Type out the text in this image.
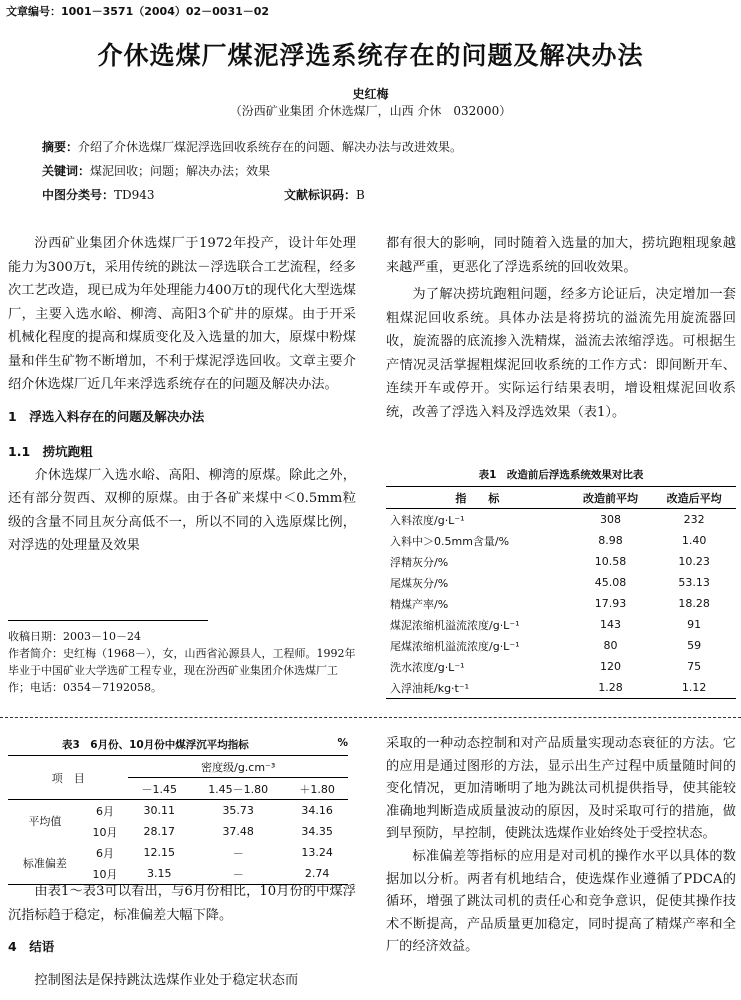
文章编号：1001－3571（2004）02－0031－02
介休选煤厂煤泥浮选系统存在的问题及解决办法
史红梅
（汾西矿业集团 介休选煤厂，山西 介休　032000）
摘要：介绍了介休选煤厂煤泥浮选回收系统存在的问题、解决办法与改进效果。
关键词：煤泥回收；问题；解决办法；效果
中图分类号：TD943	文献标识码：B

汾西矿业集团介休选煤厂于1972年投产，设计年处理能力为300万t，采用传统的跳汰－浮选联合工艺流程，经多次工艺改造，现已成为年处理能力400万t的现代化大型选煤厂，主要入选水峪、柳湾、高阳3个矿井的原煤。由于开采机械化程度的提高和煤质变化及入选量的加大，原煤中粉煤量和伴生矿物不断增加，不利于煤泥浮选回收。文章主要介绍介休选煤厂近几年来浮选系统存在的问题及解决办法。

1　浮选入料存在的问题及解决办法

1.1　捞坑跑粗

介休选煤厂入选水峪、高阳、柳湾的原煤。除此之外，还有部分贺西、双柳的原煤。由于各矿来煤中＜0.5mm粒级的含量不同且灰分高低不一，所以不同的入选原煤比例，对浮选的处理量及效果

收稿日期：2003－10－24
作者简介：史红梅（1968－），女，山西省沁源县人，工程师。1992年毕业于中国矿业大学选矿工程专业，现在汾西矿业集团介休选煤厂工作；电话：0354－7192058。

都有很大的影响，同时随着入选量的加大，捞坑跑粗现象越来越严重，更恶化了浮选系统的回收效果。

为了解决捞坑跑粗问题，经多方论证后，决定增加一套粗煤泥回收系统。具体办法是将捞坑的溢流先用旋流器回收，旋流器的底流掺入洗精煤，溢流去浓缩浮选。可根据生产情况灵活掌握粗煤泥回收系统的工作方式：即间断开车、连续开车或停开。实际运行结果表明，增设粗煤泥回收系统，改善了浮选入料及浮选效果（表1）。

表1　改造前后浮选系统效果对比表
指　　标	改造前平均	改造后平均
入料浓度/g·L⁻¹	308	232
入料中＞0.5mm含量/%	8.98	1.40
浮精灰分/%	10.58	10.23
尾煤灰分/%	45.08	53.13
精煤产率/%	17.93	18.28
煤泥浓缩机溢流浓度/g·L⁻¹	143	91
尾煤浓缩机溢流浓度/g·L⁻¹	80	59
洗水浓度/g·L⁻¹	120	75
入浮油耗/kg·t⁻¹	1.28	1.12
表3　6月份、10月份中煤浮沉平均指标	%
项　目		密度级/g.cm⁻³		
		－1.45	1.45－1.80	＋1.80
平均值	6月	30.11	35.73	34.16
	10月	28.17	37.48	34.35
标准偏差	6月	12.15	－	13.24
	10月	3.15	－	2.74

由表1～表3可以看出，与6月份相比，10月份的中煤浮沉指标趋于稳定，标准偏差大幅下降。

4　结语

控制图法是保持跳汰选煤作业处于稳定状态而

采取的一种动态控制和对产品质量实现动态衰征的方法。它的应用是通过图形的方法，显示出生产过程中质量随时间的变化情况，更加清晰明了地为跳汰司机提供指导，使其能较准确地判断造成质量波动的原因，及时采取可行的措施，做到早预防，早控制，使跳汰选煤作业始终处于受控状态。

标准偏差等指标的应用是对司机的操作水平以具体的数据加以分析。两者有机地结合，使选煤作业遵循了PDCA的循环，增强了跳汰司机的责任心和竞争意识，促使其操作技术不断提高，产品质量更加稳定，同时提高了精煤产率和全厂的经济效益。
